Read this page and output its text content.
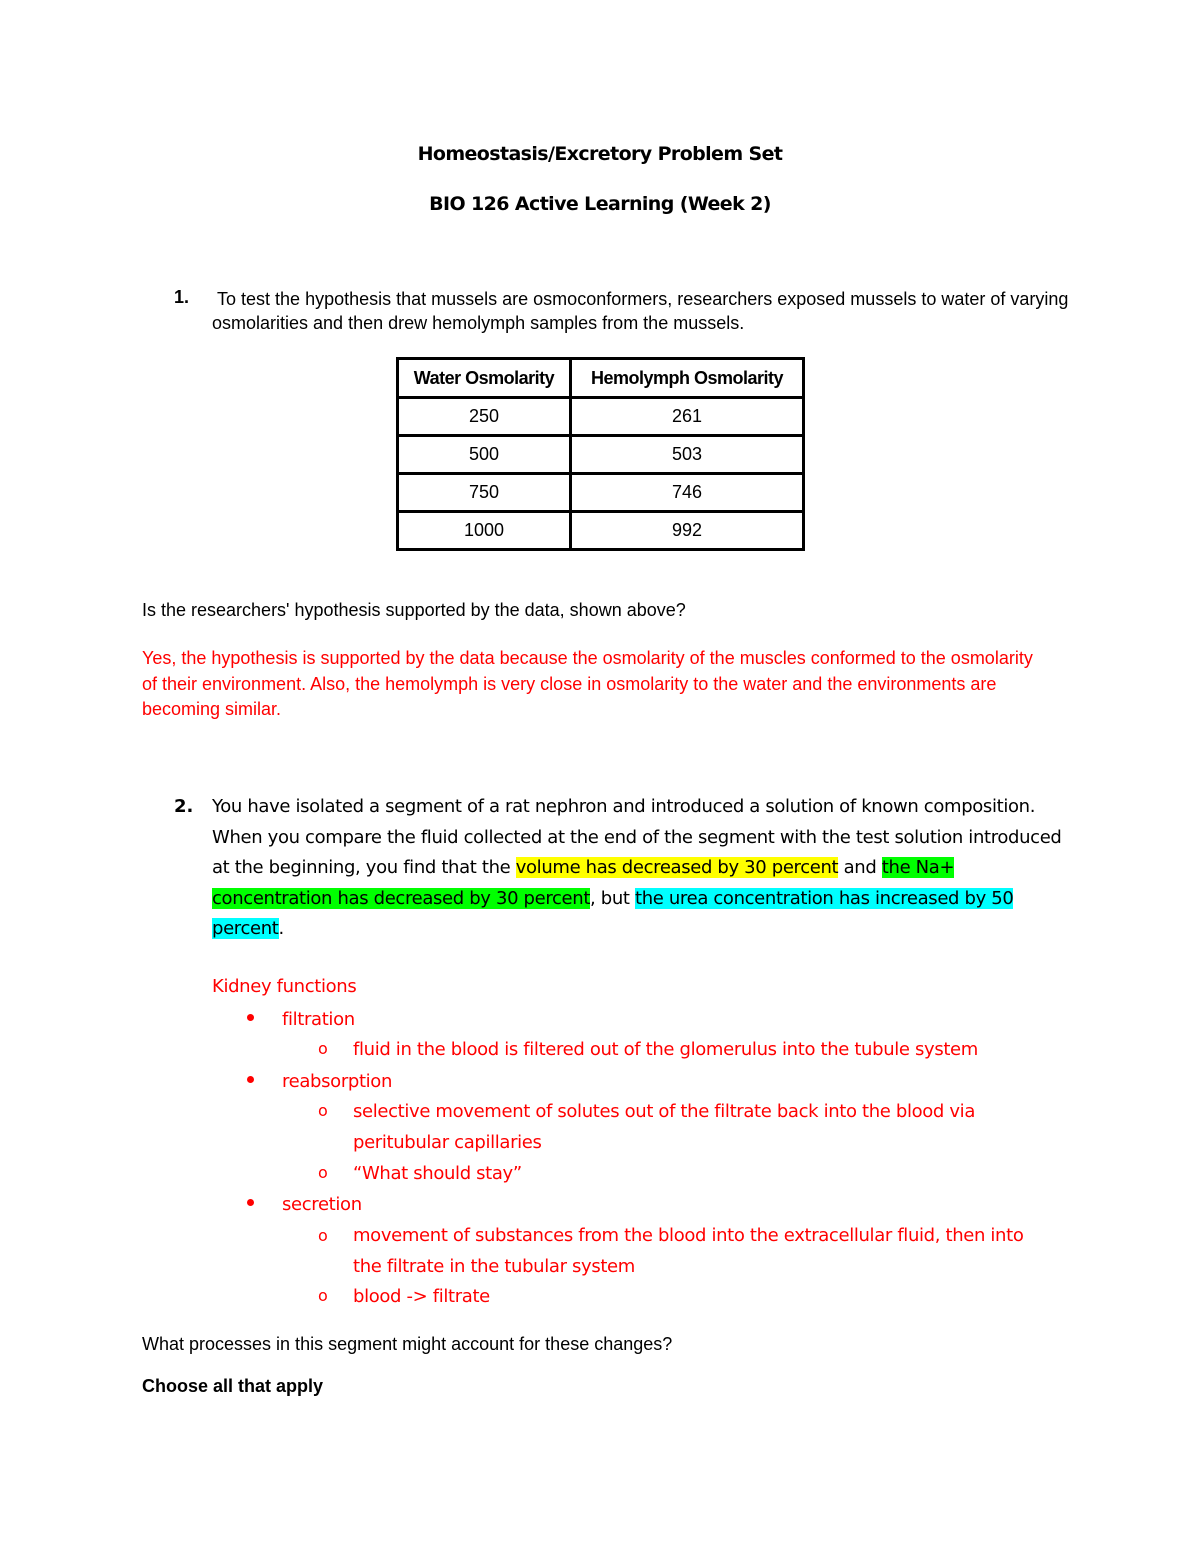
Homeostasis/Excretory Problem Set
BIO 126 Active Learning (Week 2)
1. To test the hypothesis that mussels are osmoconformers, researchers exposed mussels to water of varying osmolarities and then drew hemolymph samples from the mussels.
Water Osmolarity	Hemolymph Osmolarity
250	261
500	503
750	746
1000	992
Is the researchers' hypothesis supported by the data, shown above?
Yes, the hypothesis is supported by the data because the osmolarity of the muscles conformed to the osmolarity of their environment. Also, the hemolymph is very close in osmolarity to the water and the environments are becoming similar.
2. You have isolated a segment of a rat nephron and introduced a solution of known composition. When you compare the fluid collected at the end of the segment with the test solution introduced at the beginning, you find that the volume has decreased by 30 percent and the Na+ concentration has decreased by 30 percent, but the urea concentration has increased by 50 percent.
Kidney functions
filtration
o fluid in the blood is filtered out of the glomerulus into the tubule system
reabsorption
o selective movement of solutes out of the filtrate back into the blood via
peritubular capillaries
o “What should stay”
secretion
o movement of substances from the blood into the extracellular fluid, then into
the filtrate in the tubular system
o blood -> filtrate
What processes in this segment might account for these changes?
Choose all that apply
